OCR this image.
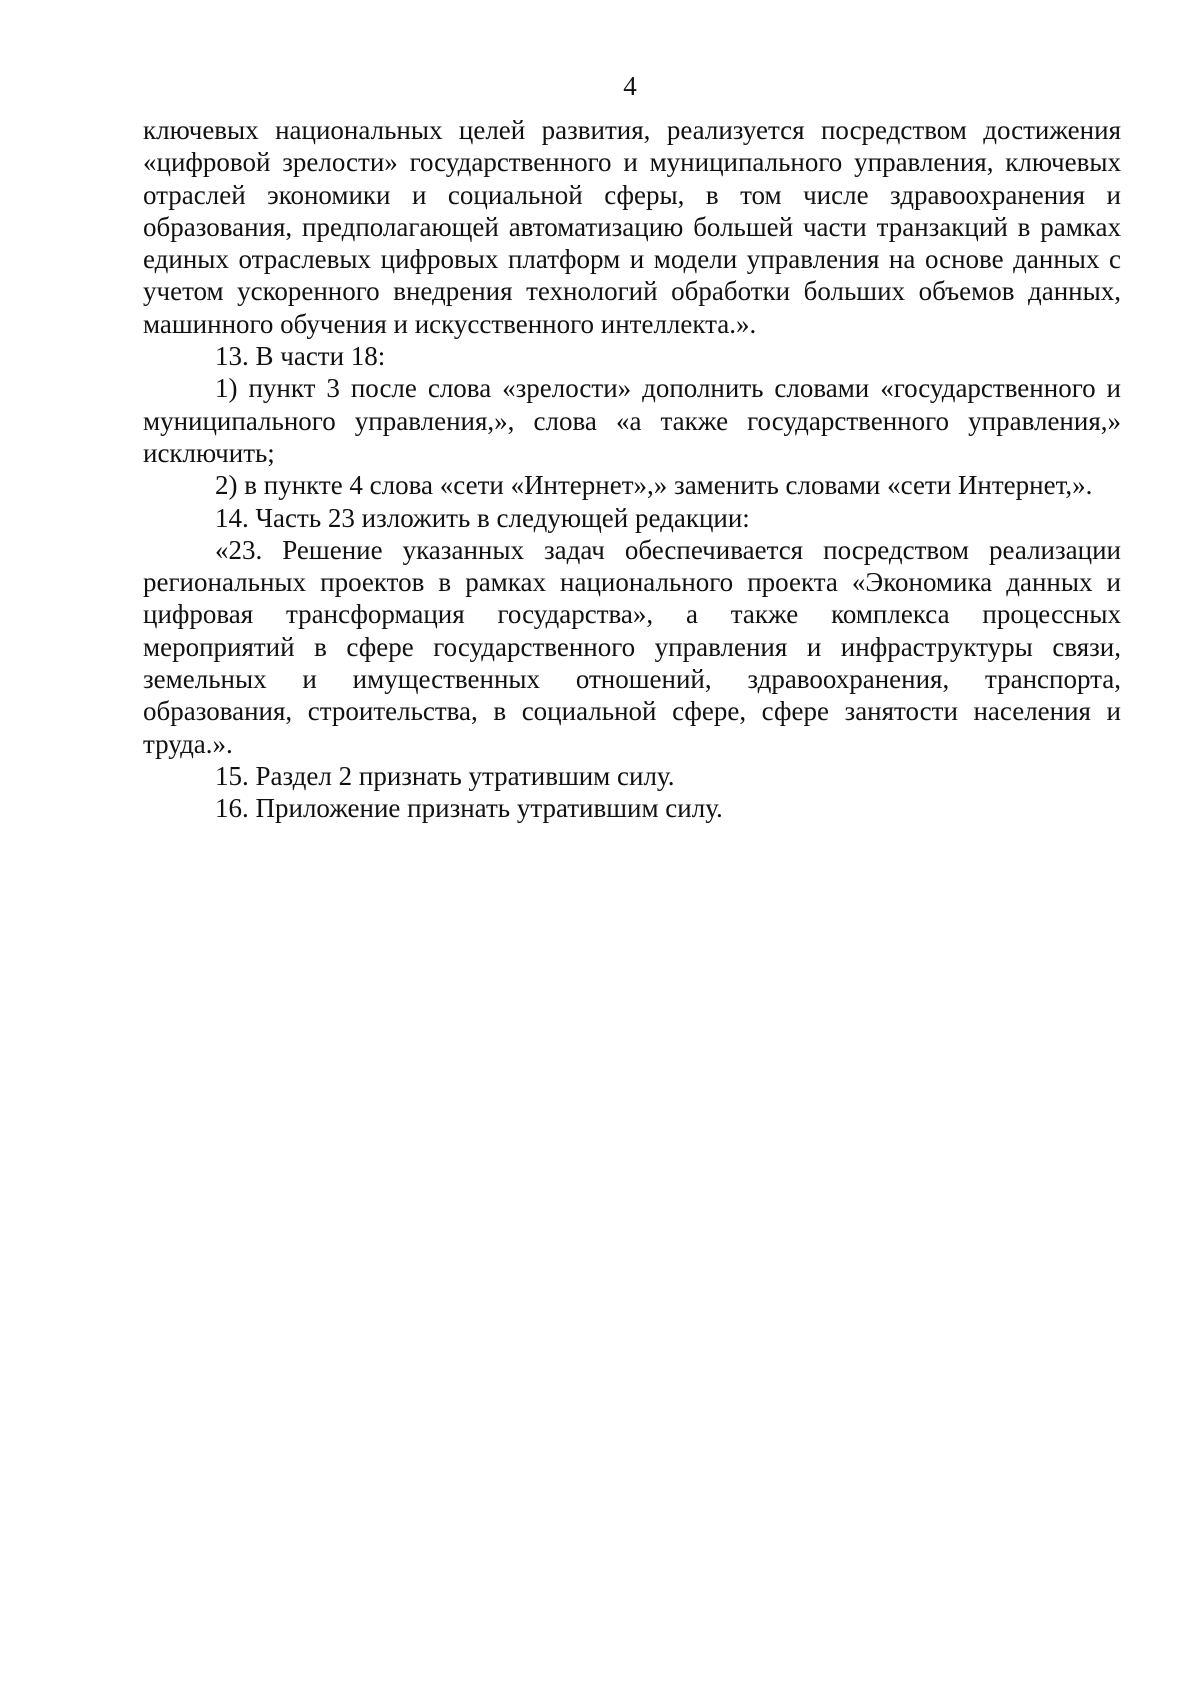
4

ключевых национальных целей развития, реализуется посредством достижения «цифровой зрелости» государственного и муниципального управления, ключевых отраслей экономики и социальной сферы, в том числе здравоохранения и образования, предполагающей автоматизацию большей части транзакций в рамках единых отраслевых цифровых платформ и модели управления на основе данных с учетом ускоренного внедрения технологий обработки больших объемов данных, машинного обучения и искусственного интеллекта.».

13. В части 18:

1) пункт 3 после слова «зрелости» дополнить словами «государственного и муниципального управления,», слова «а также государственного управления,» исключить;

2) в пункте 4 слова «сети «Интернет»,» заменить словами «сети Интернет,».

14. Часть 23 изложить в следующей редакции:

«23. Решение указанных задач обеспечивается посредством реализации региональных проектов в рамках национального проекта «Экономика данных и цифровая трансформация государства», а также комплекса процессных мероприятий в сфере государственного управления и инфраструктуры связи, земельных и имущественных отношений, здравоохранения, транспорта, образования, строительства, в социальной сфере, сфере занятости населения и труда.».

15. Раздел 2 признать утратившим силу.

16. Приложение признать утратившим силу.
